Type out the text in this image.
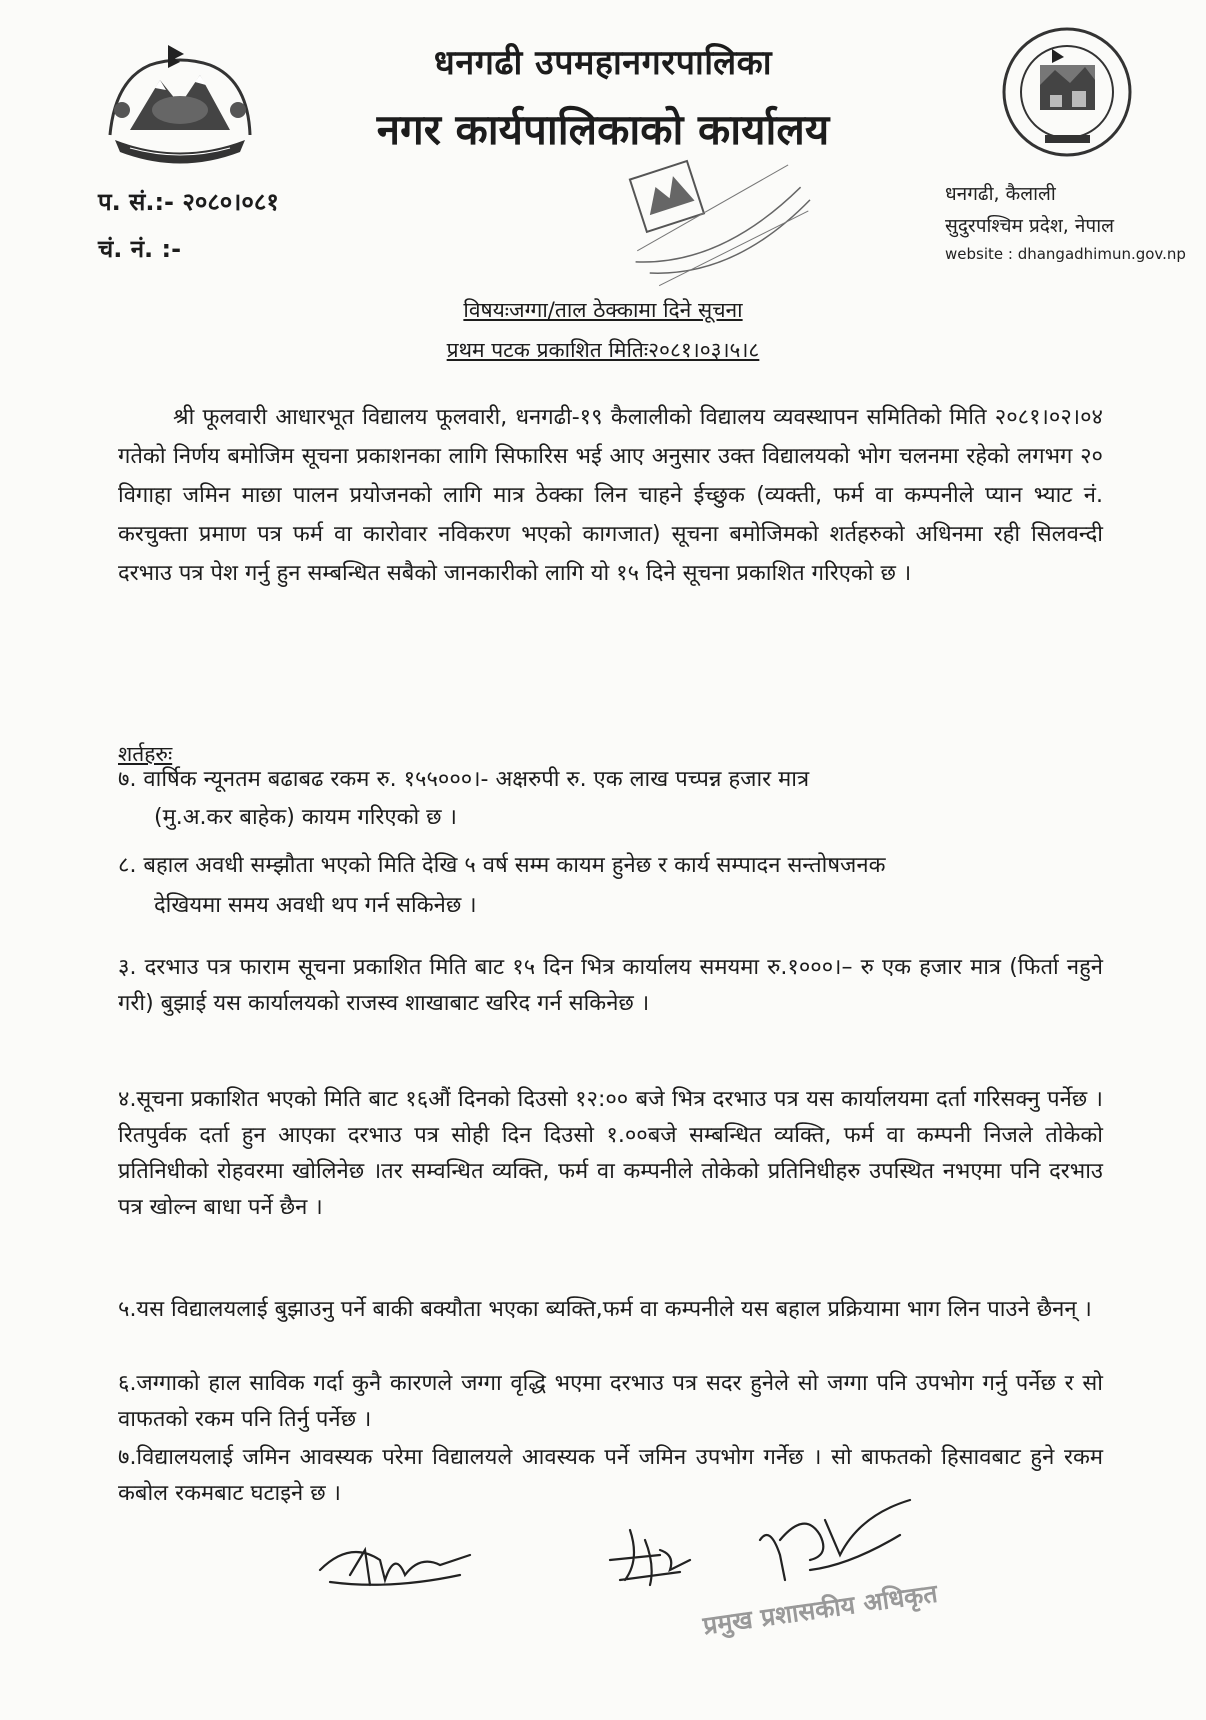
धनगढी उपमहानगरपालिका
नगर कार्यपालिकाको कार्यालय
प. सं.:- २०८०।०८१
चं. नं. :-
धनगढी, कैलाली
सुदुरपश्चिम प्रदेश, नेपाल
website : dhangadhimun.gov.np
विषयःजग्गा/ताल ठेक्कामा दिने सूचना
प्रथम पटक प्रकाशित मितिः२०८१।०३।५।८
श्री फूलवारी आधारभूत विद्यालय फूलवारी, धनगढी-१९ कैलालीको विद्यालय व्यवस्थापन समितिको मिति २०८१।०२।०४ गतेको निर्णय बमोजिम सूचना प्रकाशनका लागि सिफारिस भई आए अनुसार उक्त विद्यालयको भोग चलनमा रहेको लगभग २० विगाहा जमिन माछा पालन प्रयोजनको लागि मात्र ठेक्का लिन चाहने ईच्छुक (व्यक्ती, फर्म वा कम्पनीले प्यान भ्याट नं. करचुक्ता प्रमाण पत्र फर्म वा कारोवार नविकरण भएको कागजात) सूचना बमोजिमको शर्तहरुको अधिनमा रही सिलवन्दी दरभाउ पत्र पेश गर्नु हुन सम्बन्धित सबैको जानकारीको लागि यो १५ दिने सूचना प्रकाशित गरिएको छ ।
शर्तहरुः
७. वार्षिक न्यूनतम बढाबढ रकम रु. १५५०००।- अक्षरुपी रु. एक लाख पच्पन्न हजार मात्र
(मु.अ.कर बाहेक) कायम गरिएको छ ।
८. बहाल अवधी सम्झौता भएको मिति देखि ५ वर्ष सम्म कायम हुनेछ र कार्य सम्पादन सन्तोषजनक
देखियमा समय अवधी थप गर्न सकिनेछ ।
३. दरभाउ पत्र फाराम सूचना प्रकाशित मिति बाट १५ दिन भित्र कार्यालय समयमा रु.१०००।– रु एक हजार मात्र (फिर्ता नहुने गरी) बुझाई यस कार्यालयको राजस्व शाखाबाट खरिद गर्न सकिनेछ ।
४.सूचना प्रकाशित भएको मिति बाट १६औं दिनको दिउसो १२:०० बजे भित्र दरभाउ पत्र यस कार्यालयमा दर्ता गरिसक्नु पर्नेछ ।रितपुर्वक दर्ता हुन आएका दरभाउ पत्र सोही दिन दिउसो १.००बजे सम्बन्धित व्यक्ति, फर्म वा कम्पनी निजले तोकेको प्रतिनिधीको रोहवरमा खोलिनेछ ।तर सम्वन्धित व्यक्ति, फर्म वा कम्पनीले तोकेको प्रतिनिधीहरु उपस्थित नभएमा पनि दरभाउ पत्र खोल्न बाधा पर्ने छैन ।
५.यस विद्यालयलाई बुझाउनु पर्ने बाकी बक्यौता भएका ब्यक्ति,फर्म वा कम्पनीले यस बहाल प्रक्रियामा भाग लिन पाउने छैनन् ।
६.जग्गाको हाल साविक गर्दा कुनै कारणले जग्गा वृद्धि भएमा दरभाउ पत्र सदर हुनेले सो जग्गा पनि उपभोग गर्नु पर्नेछ र सो वाफतको रकम पनि तिर्नु पर्नेछ ।
७.विद्यालयलाई जमिन आवस्यक परेमा विद्यालयले आवस्यक पर्ने जमिन उपभोग गर्नेछ । सो बाफतको हिसावबाट हुने रकम कबोल रकमबाट घटाइने छ ।
प्रमुख प्रशासकीय अधिकृत
